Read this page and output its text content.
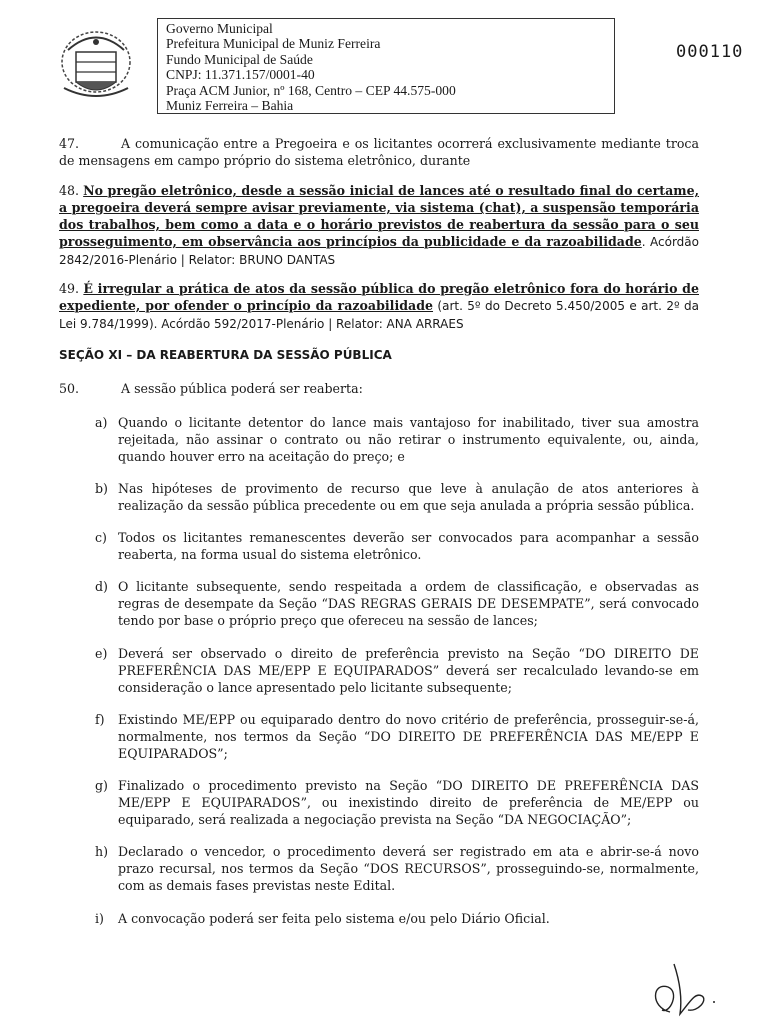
Governo Municipal
Prefeitura Municipal de Muniz Ferreira
Fundo Municipal de Saúde
CNPJ: 11.371.157/0001-40
Praça ACM Junior, nº 168, Centro – CEP 44.575-000
Muniz Ferreira – Bahia
000110
47.	A comunicação entre a Pregoeira e os licitantes ocorrerá exclusivamente mediante troca de mensagens em campo próprio do sistema eletrônico, durante
48. No pregão eletrônico, desde a sessão inicial de lances até o resultado final do certame, a pregoeira deverá sempre avisar previamente, via sistema (chat), a suspensão temporária dos trabalhos, bem como a data e o horário previstos de reabertura da sessão para o seu prosseguimento, em observância aos princípios da publicidade e da razoabilidade. Acórdão 2842/2016-Plenário | Relator: BRUNO DANTAS
49. É irregular a prática de atos da sessão pública do pregão eletrônico fora do horário de expediente, por ofender o princípio da razoabilidade (art. 5º do Decreto 5.450/2005 e art. 2º da Lei 9.784/1999). Acórdão 592/2017-Plenário | Relator: ANA ARRAES
SEÇÃO XI – DA REABERTURA DA SESSÃO PÚBLICA
50.	A sessão pública poderá ser reaberta:
a) Quando o licitante detentor do lance mais vantajoso for inabilitado, tiver sua amostra rejeitada, não assinar o contrato ou não retirar o instrumento equivalente, ou, ainda, quando houver erro na aceitação do preço; e
b) Nas hipóteses de provimento de recurso que leve à anulação de atos anteriores à realização da sessão pública precedente ou em que seja anulada a própria sessão pública.
c) Todos os licitantes remanescentes deverão ser convocados para acompanhar a sessão reaberta, na forma usual do sistema eletrônico.
d) O licitante subsequente, sendo respeitada a ordem de classificação, e observadas as regras de desempate da Seção “DAS REGRAS GERAIS DE DESEMPATE”, será convocado tendo por base o próprio preço que ofereceu na sessão de lances;
e) Deverá ser observado o direito de preferência previsto na Seção “DO DIREITO DE PREFERÊNCIA DAS ME/EPP E EQUIPARADOS” deverá ser recalculado levando-se em consideração o lance apresentado pelo licitante subsequente;
f) Existindo ME/EPP ou equiparado dentro do novo critério de preferência, prosseguir-se-á, normalmente, nos termos da Seção “DO DIREITO DE PREFERÊNCIA DAS ME/EPP E EQUIPARADOS”;
g) Finalizado o procedimento previsto na Seção “DO DIREITO DE PREFERÊNCIA DAS ME/EPP E EQUIPARADOS”, ou inexistindo direito de preferência de ME/EPP ou equiparado, será realizada a negociação prevista na Seção “DA NEGOCIAÇÃO”;
h) Declarado o vencedor, o procedimento deverá ser registrado em ata e abrir-se-á novo prazo recursal, nos termos da Seção “DOS RECURSOS”, prosseguindo-se, normalmente, com as demais fases previstas neste Edital.
i) A convocação poderá ser feita pelo sistema e/ou pelo Diário Oficial.
